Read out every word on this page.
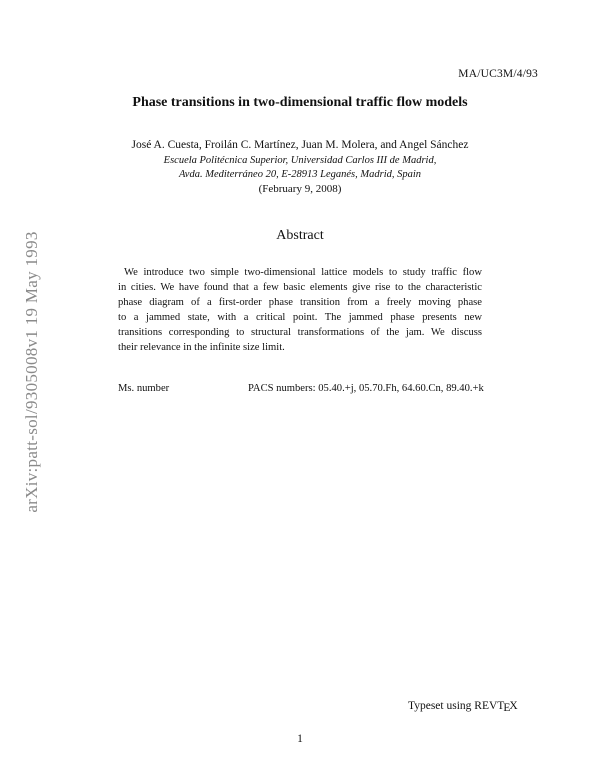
MA/UC3M/4/93
arXiv:patt-sol/9305008v1 19 May 1993
Phase transitions in two-dimensional traffic flow models
José A. Cuesta, Froilán C. Martínez, Juan M. Molera, and Angel Sánchez
Escuela Politécnica Superior, Universidad Carlos III de Madrid,
Avda. Mediterráneo 20, E-28913 Leganés, Madrid, Spain
(February 9, 2008)
Abstract
We introduce two simple two-dimensional lattice models to study traffic flow
in cities. We have found that a few basic elements give rise to the characteristic
phase diagram of a first-order phase transition from a freely moving phase
to a jammed state, with a critical point. The jammed phase presents new
transitions corresponding to structural transformations of the jam. We discuss
their relevance in the infinite size limit.
Ms. number	PACS numbers: 05.40.+j, 05.70.Fh, 64.60.Cn, 89.40.+k
Typeset using REVTEX
1
